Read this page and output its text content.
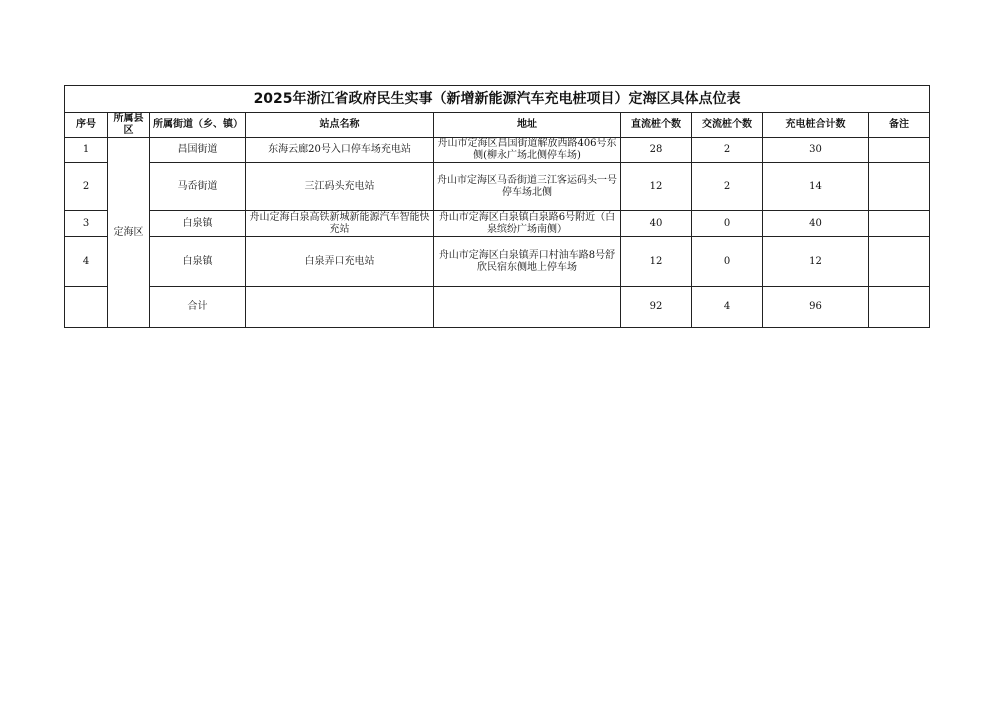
2025年浙江省政府民生实事（新增新能源汽车充电桩项目）定海区具体点位表								
序号	所属县区	所属街道（乡、镇）	站点名称	地址	直流桩个数	交流桩个数	充电桩合计数	备注
1	定海区	昌国街道	东海云廊20号入口停车场充电站	舟山市定海区昌国街道解放西路406号东侧(柳永广场北侧停车场)	28	2	30	
2		马岙街道	三江码头充电站	舟山市定海区马岙街道三江客运码头一号停车场北侧	12	2	14	
3		白泉镇	舟山定海白泉高铁新城新能源汽车智能快充站	舟山市定海区白泉镇白泉路6号附近（白泉缤纷广场南侧）	40	0	40	
4		白泉镇	白泉弄口充电站	舟山市定海区白泉镇弄口村油车路8号舒欣民宿东侧地上停车场	12	0	12	
		合计			92	4	96	
